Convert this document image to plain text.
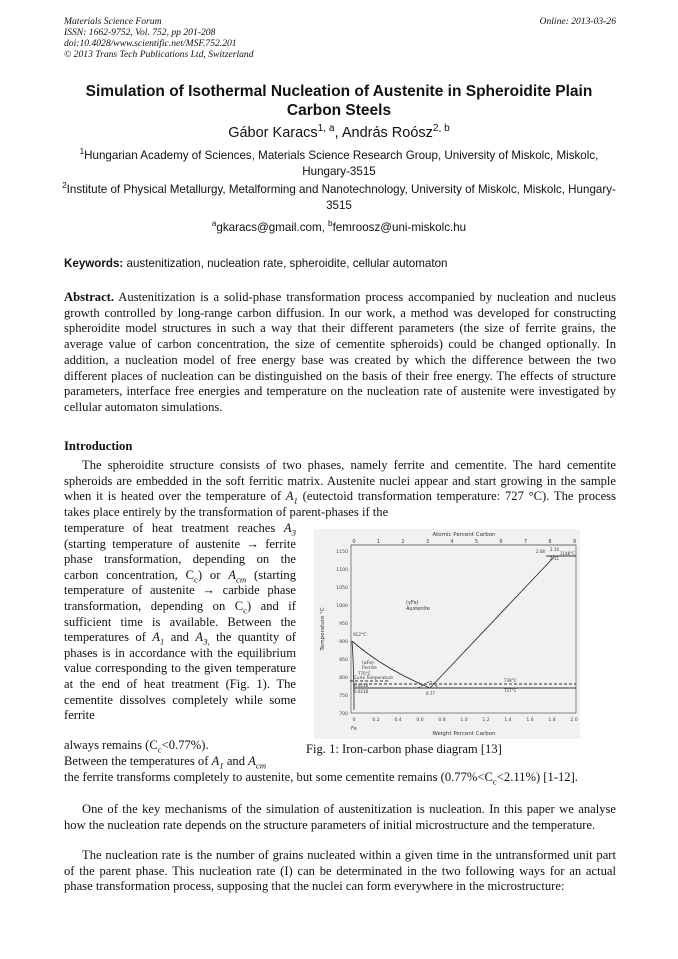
Materials Science Forum
ISSN: 1662-9752, Vol. 752, pp 201-208
doi:10.4028/www.scientific.net/MSF.752.201
© 2013 Trans Tech Publications Ltd, Switzerland
Online: 2013-03-26
Simulation of Isothermal Nucleation of Austenite in Spheroidite Plain Carbon Steels
Gábor Karacs$^{1, a}$, András Roósz$^{2, b}$
$^1$Hungarian Academy of Sciences, Materials Science Research Group, University of Miskolc, Miskolc, Hungary-3515
$^2$Institute of Physical Metallurgy, Metalforming and Nanotechnology, University of Miskolc, Miskolc, Hungary-3515
$^a$gkaracs@gmail.com, $^b$femroosz@uni-miskolc.hu
Keywords: austenitization, nucleation rate, spheroidite, cellular automaton
Abstract. Austenitization is a solid-phase transformation process accompanied by nucleation and nucleus growth controlled by long-range carbon diffusion. In our work, a method was developed for constructing spheroidite model structures in such a way that their different parameters (the size of ferrite grains, the average value of carbon concentration, the size of cementite spheroids) could be changed optionally. In addition, a nucleation model of free energy base was created by which the difference between the two different places of nucleation can be distinguished on the basis of their free energy. The effects of structure parameters, interface free energies and temperature on the nucleation rate of austenite were investigated by cellular automaton simulations.
Introduction
The spheroidite structure consists of two phases, namely ferrite and cementite. The hard cementite spheroids are embedded in the soft ferritic matrix. Austenite nuclei appear and start growing in the sample when it is heated over the temperature of $A_1$ (eutectoid transformation temperature: 727 °C). The process takes place entirely by the transformation of parent-phases if the
temperature of heat treatment reaches $A_3$ (starting temperature of austenite → ferrite phase transformation, depending on the carbon concentration, $C_c$) or $A_{cm}$ (starting temperature of austenite → carbide phase transformation, depending on $C_c$) and if sufficient time is available. Between the temperatures of $A_1$ and $A_{3,}$ the quantity of phases is in accordance with the equilibrium value corresponding to the given temperature at the end of heat treatment (Fig. 1). The cementite dissolves completely while some ferrite
Atomic Percent Carbon
0	1	2	3	4	5	6	7	8	9
Temperature °C
1150
1100
1050
1000
950
900
850
800
750
700
0	0.2	0.4	0.6	0.8	1.0	1.2	1.4	1.6	1.8	2.0
Fe
Weight Percent Carbon
(γFe) Austenite
(αFe) Ferrite
Curie Temperature
912°C
770°C
0.0218
0.0218	0.77
727°C
738°C
2.08 2.14
1148°C
2.11
Fig. 1: Iron-carbon phase diagram [13]
always remains $(C_c<0.77\%)$.
Between the temperatures of $A_1$ and $A_{cm}$
the ferrite transforms completely to austenite, but some cementite remains $(0.77\%<C_c<2.11\%)$ [1-12].
One of the key mechanisms of the simulation of austenitization is nucleation. In this paper we analyse how the nucleation rate depends on the structure parameters of initial microstructure and the temperature.
The nucleation rate is the number of grains nucleated within a given time in the untransformed unit part of the parent phase. This nucleation rate (I) can be determinated in the two following ways for an actual phase transformation process, supposing that the nuclei can form everywhere in the microstructure:
